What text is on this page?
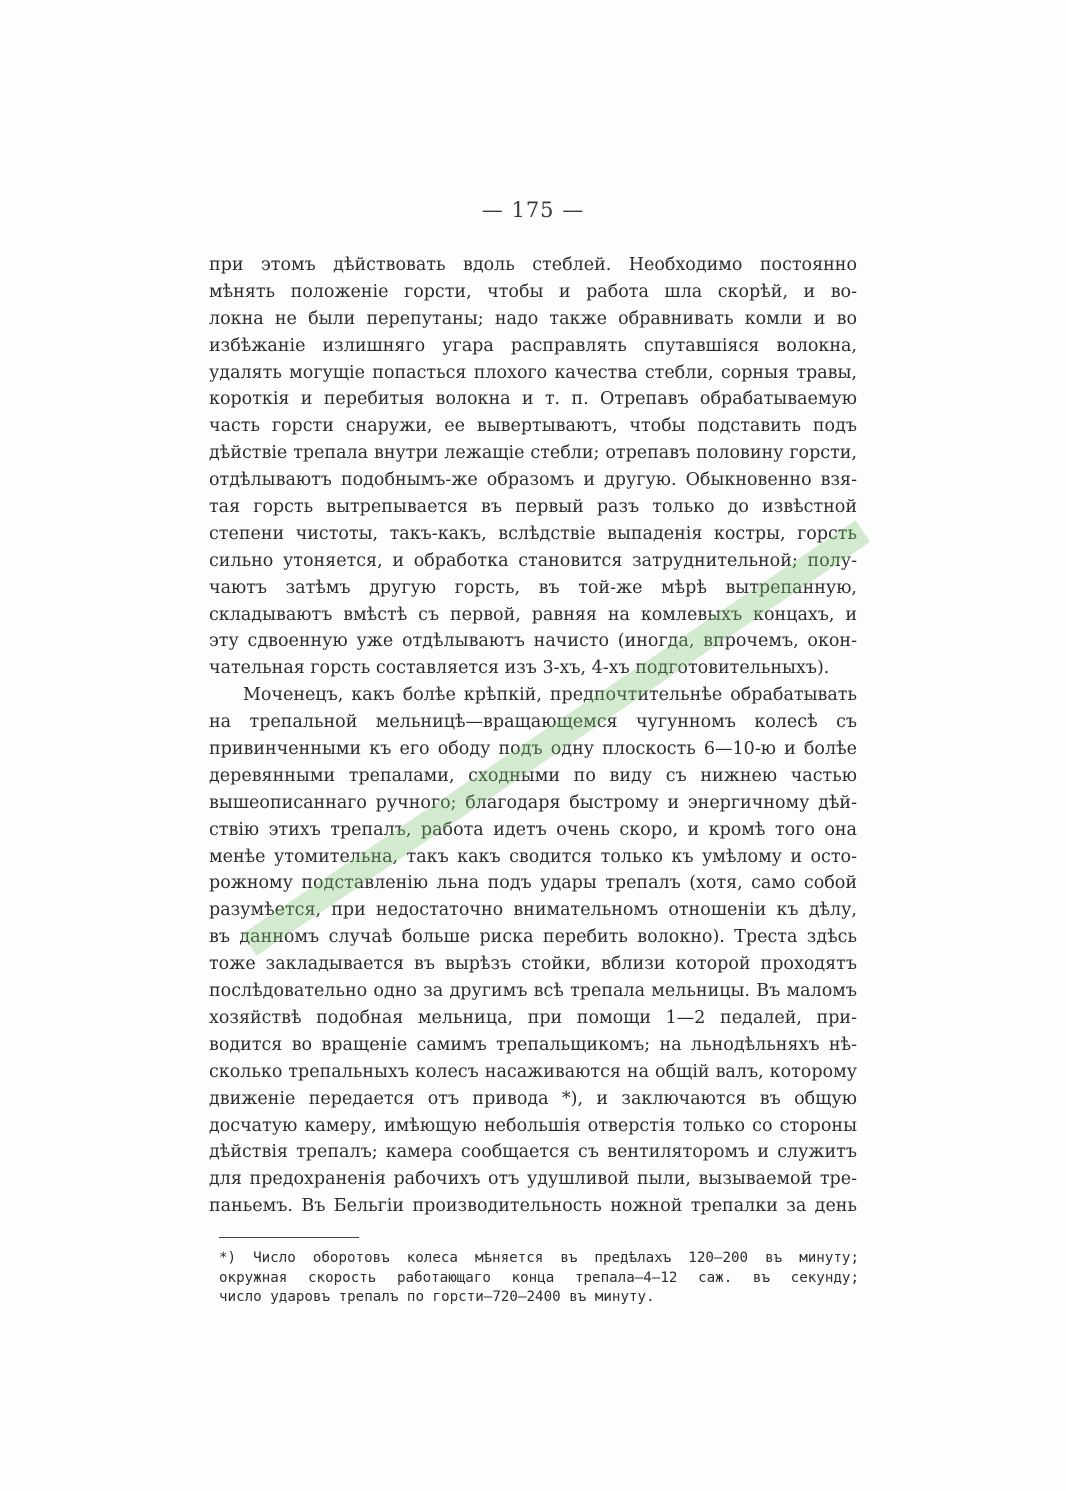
— 175 —
при этомъ дѣйствовать вдоль стеблей. Необходимо постоянно
мѣнять положеніе горсти, чтобы и работа шла скорѣй, и во-
локна не были перепутаны; надо также обравнивать комли и во
избѣжаніе излишняго угара расправлять спутавшіяся волокна,
удалять могущіе попасться плохого качества стебли, сорныя травы,
короткія и перебитыя волокна и т. п. Отрепавъ обрабатываемую
часть горсти снаружи, ее вывертываютъ, чтобы подставить подъ
дѣйствіе трепала внутри лежащіе стебли; отрепавъ половину горсти,
отдѣлываютъ подобнымъ-же образомъ и другую. Обыкновенно взя-
тая горсть вытрепывается въ первый разъ только до извѣстной
степени чистоты, такъ-какъ, вслѣдствіе выпаденія костры, горсть
сильно утоняется, и обработка становится затруднительной; полу-
чаютъ затѣмъ другую горсть, въ той-же мѣрѣ вытрепанную,
складываютъ вмѣстѣ съ первой, равняя на комлевыхъ концахъ, и
эту сдвоенную уже отдѣлываютъ начисто (иногда, впрочемъ, окон-
чательная горсть составляется изъ 3-хъ, 4-хъ подготовительныхъ).
Моченецъ, какъ болѣе крѣпкій, предпочтительнѣе обрабатывать
на трепальной мельницѣ—вращающемся чугунномъ колесѣ съ
привинченными къ его ободу подъ одну плоскость 6—10-ю и болѣе
деревянными трепалами, сходными по виду съ нижнею частью
вышеописаннаго ручного; благодаря быстрому и энергичному дѣй-
ствію этихъ трепалъ, работа идетъ очень скоро, и кромѣ того она
менѣе утомительна, такъ какъ сводится только къ умѣлому и осто-
рожному подставленію льна подъ удары трепалъ (хотя, само собой
разумѣется, при недостаточно внимательномъ отношеніи къ дѣлу,
въ данномъ случаѣ больше риска перебить волокно). Треста здѣсь
тоже закладывается въ вырѣзъ стойки, вблизи которой проходятъ
послѣдовательно одно за другимъ всѣ трепала мельницы. Въ маломъ
хозяйствѣ подобная мельница, при помощи 1—2 педалей, при-
водится во вращеніе самимъ трепальщикомъ; на льнодѣльняхъ нѣ-
сколько трепальныхъ колесъ насаживаются на общій валъ, которому
движеніе передается отъ привода *), и заключаются въ общую
досчатую камеру, имѣющую небольшія отверстія только со стороны
дѣйствія трепалъ; камера сообщается съ вентиляторомъ и служитъ
для предохраненія рабочихъ отъ удушливой пыли, вызываемой тре-
паньемъ. Въ Бельгіи производительность ножной трепалки за день
*) Число оборотовъ колеса мѣняется въ предѣлахъ 120—200 въ минуту;
окружная скорость работающаго конца трепала—4—12 саж. въ секунду;
число ударовъ трепалъ по горсти—720—2400 въ минуту.
